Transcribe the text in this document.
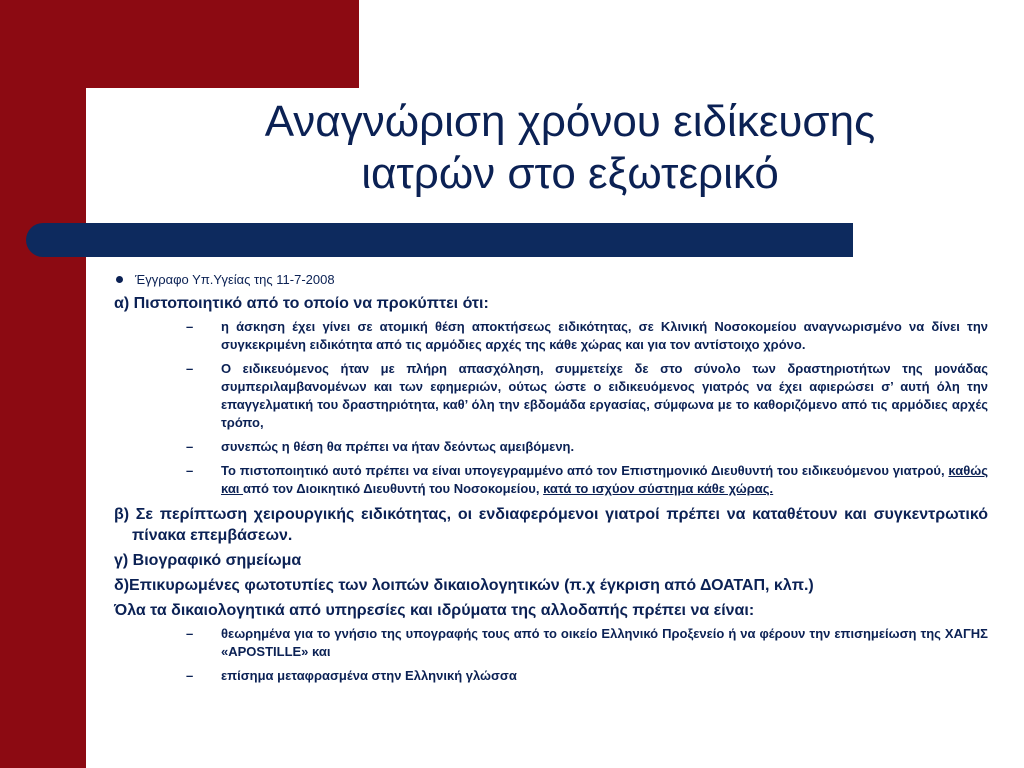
Αναγνώριση χρόνου ειδίκευσης
ιατρών στο εξωτερικό
Έγγραφο Υπ.Υγείας της 11-7-2008
α) Πιστοποιητικό από το οποίο να προκύπτει ότι:
– η άσκηση έχει γίνει σε ατομική θέση αποκτήσεως ειδικότητας, σε Κλινική Νοσοκομείου αναγνωρισμένο να δίνει την συγκεκριμένη ειδικότητα από τις αρμόδιες αρχές της κάθε χώρας και για τον αντίστοιχο χρόνο.
– Ο ειδικευόμενος ήταν με πλήρη απασχόληση, συμμετείχε δε στο σύνολο των δραστηριοτήτων της μονάδας συμπεριλαμβανομένων και των εφημεριών, ούτως ώστε ο ειδικευόμενος γιατρός να έχει αφιερώσει σ’ αυτή όλη την επαγγελματική του δραστηριότητα, καθ’ όλη την εβδομάδα εργασίας, σύμφωνα με το καθοριζόμενο από τις αρμόδιες αρχές τρόπο,
– συνεπώς η θέση θα πρέπει να ήταν δεόντως αμειβόμενη.
– Το πιστοποιητικό αυτό πρέπει να είναι υπογεγραμμένο από τον Επιστημονικό Διευθυντή του ειδικευόμενου γιατρού, καθώς και από τον Διοικητικό Διευθυντή του Νοσοκομείου, κατά το ισχύον σύστημα κάθε χώρας.
β) Σε περίπτωση χειρουργικής ειδικότητας, οι ενδιαφερόμενοι γιατροί πρέπει να καταθέτουν και συγκεντρωτικό πίνακα επεμβάσεων.
γ) Βιογραφικό σημείωμα
δ)Επικυρωμένες φωτοτυπίες των λοιπών δικαιολογητικών (π.χ έγκριση από ΔΟΑΤΑΠ, κλπ.)
Όλα τα δικαιολογητικά από υπηρεσίες και ιδρύματα της αλλοδαπής πρέπει να είναι:
– θεωρημένα για το γνήσιο της υπογραφής τους από το οικείο Ελληνικό Προξενείο ή να φέρουν την επισημείωση της ΧΑΓΗΣ «APOSTILLE» και
– επίσημα μεταφρασμένα στην Ελληνική γλώσσα
